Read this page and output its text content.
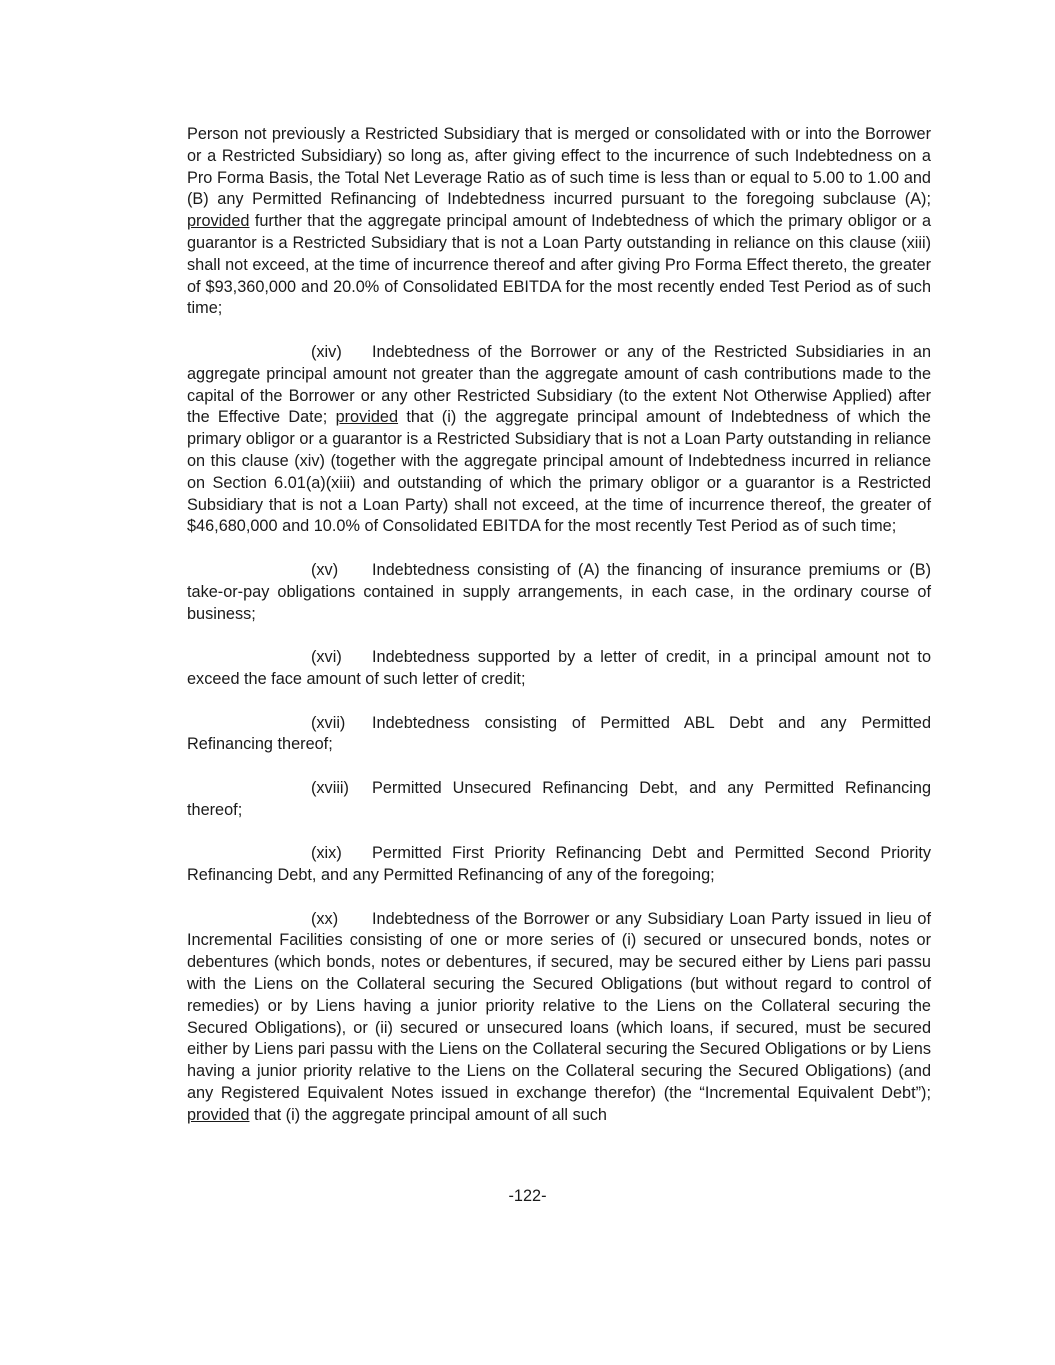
Person not previously a Restricted Subsidiary that is merged or consolidated with or into the Borrower or a Restricted Subsidiary) so long as, after giving effect to the incurrence of such Indebtedness on a Pro Forma Basis, the Total Net Leverage Ratio as of such time is less than or equal to 5.00 to 1.00 and (B) any Permitted Refinancing of Indebtedness incurred pursuant to the foregoing subclause (A); provided further that the aggregate principal amount of Indebtedness of which the primary obligor or a guarantor is a Restricted Subsidiary that is not a Loan Party outstanding in reliance on this clause (xiii) shall not exceed, at the time of incurrence thereof and after giving Pro Forma Effect thereto, the greater of $93,360,000 and 20.0% of Consolidated EBITDA for the most recently ended Test Period as of such time;

(xiv) Indebtedness of the Borrower or any of the Restricted Subsidiaries in an aggregate principal amount not greater than the aggregate amount of cash contributions made to the capital of the Borrower or any other Restricted Subsidiary (to the extent Not Otherwise Applied) after the Effective Date; provided that (i) the aggregate principal amount of Indebtedness of which the primary obligor or a guarantor is a Restricted Subsidiary that is not a Loan Party outstanding in reliance on this clause (xiv) (together with the aggregate principal amount of Indebtedness incurred in reliance on Section 6.01(a)(xiii) and outstanding of which the primary obligor or a guarantor is a Restricted Subsidiary that is not a Loan Party) shall not exceed, at the time of incurrence thereof, the greater of $46,680,000 and 10.0% of Consolidated EBITDA for the most recently Test Period as of such time;

(xv) Indebtedness consisting of (A) the financing of insurance premiums or (B) take-or-pay obligations contained in supply arrangements, in each case, in the ordinary course of business;

(xvi) Indebtedness supported by a letter of credit, in a principal amount not to exceed the face amount of such letter of credit;

(xvii) Indebtedness consisting of Permitted ABL Debt and any Permitted Refinancing thereof;

(xviii) Permitted Unsecured Refinancing Debt, and any Permitted Refinancing thereof;

(xix) Permitted First Priority Refinancing Debt and Permitted Second Priority Refinancing Debt, and any Permitted Refinancing of any of the foregoing;

(xx) Indebtedness of the Borrower or any Subsidiary Loan Party issued in lieu of Incremental Facilities consisting of one or more series of (i) secured or unsecured bonds, notes or debentures (which bonds, notes or debentures, if secured, may be secured either by Liens pari passu with the Liens on the Collateral securing the Secured Obligations (but without regard to control of remedies) or by Liens having a junior priority relative to the Liens on the Collateral securing the Secured Obligations), or (ii) secured or unsecured loans (which loans, if secured, must be secured either by Liens pari passu with the Liens on the Collateral securing the Secured Obligations or by Liens having a junior priority relative to the Liens on the Collateral securing the Secured Obligations) (and any Registered Equivalent Notes issued in exchange therefor) (the “Incremental Equivalent Debt”); provided that (i) the aggregate principal amount of all such

-122-
